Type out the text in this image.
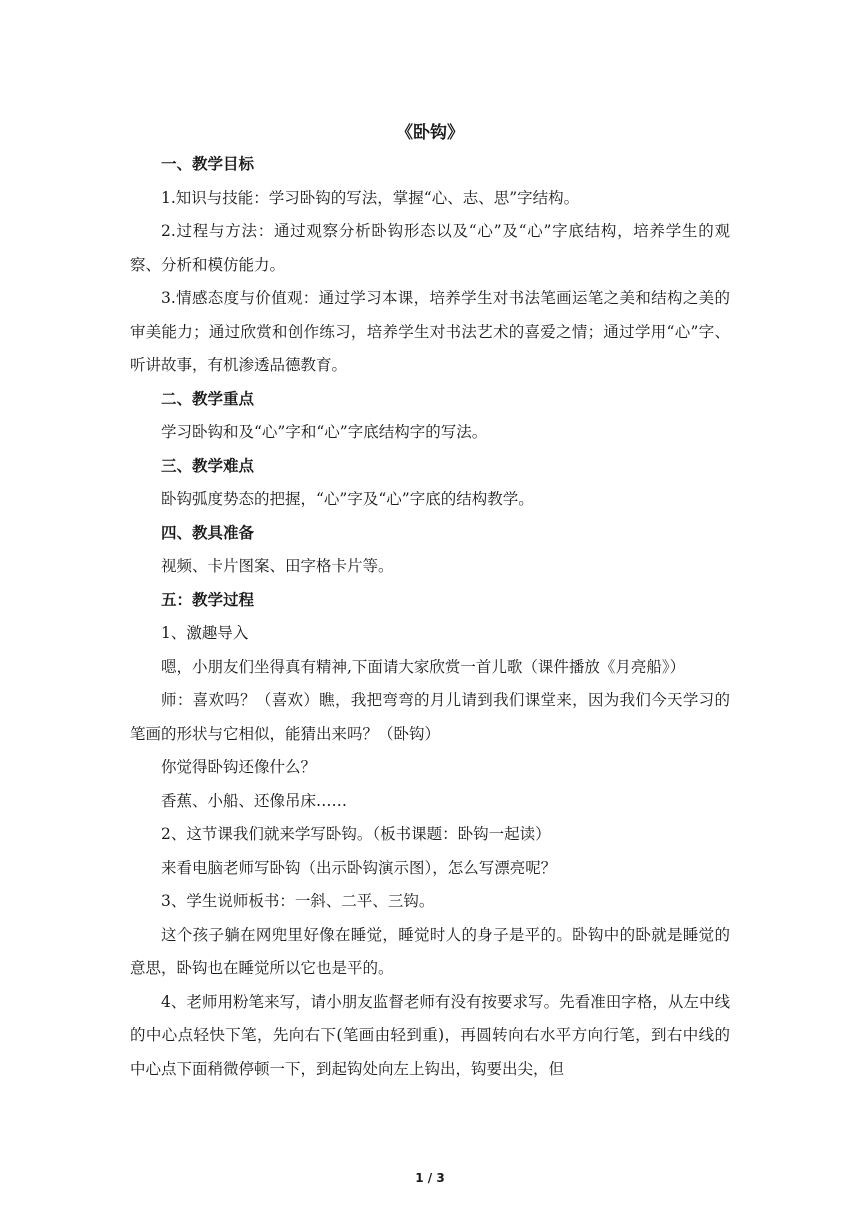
《卧钩》

一、教学目标

1.知识与技能：学习卧钩的写法，掌握“心、志、思”字结构。

2.过程与方法：通过观察分析卧钩形态以及“心”及“心”字底结构，培养学生的观察、分析和模仿能力。

3.情感态度与价值观：通过学习本课，培养学生对书法笔画运笔之美和结构之美的审美能力；通过欣赏和创作练习，培养学生对书法艺术的喜爱之情；通过学用“心”字、听讲故事，有机渗透品德教育。

二、教学重点

学习卧钩和及“心”字和“心”字底结构字的写法。

三、教学难点

卧钩弧度势态的把握，“心”字及“心”字底的结构教学。

四、教具准备

视频、卡片图案、田字格卡片等。

五：教学过程

1、激趣导入

嗯，小朋友们坐得真有精神,下面请大家欣赏一首儿歌（课件播放《月亮船》）

师：喜欢吗？（喜欢）瞧，我把弯弯的月儿请到我们课堂来，因为我们今天学习的笔画的形状与它相似，能猜出来吗？（卧钩）

你觉得卧钩还像什么？

香蕉、小船、还像吊床……

2、这节课我们就来学写卧钩。（板书课题：卧钩一起读）

来看电脑老师写卧钩（出示卧钩演示图），怎么写漂亮呢？

3、学生说师板书：一斜、二平、三钩。

这个孩子躺在网兜里好像在睡觉，睡觉时人的身子是平的。卧钩中的卧就是睡觉的意思，卧钩也在睡觉所以它也是平的。

4、老师用粉笔来写，请小朋友监督老师有没有按要求写。先看准田字格，从左中线的中心点轻快下笔，先向右下(笔画由轻到重)，再圆转向右水平方向行笔，到右中线的中心点下面稍微停顿一下，到起钩处向左上钩出，钩要出尖，但

1 / 3
